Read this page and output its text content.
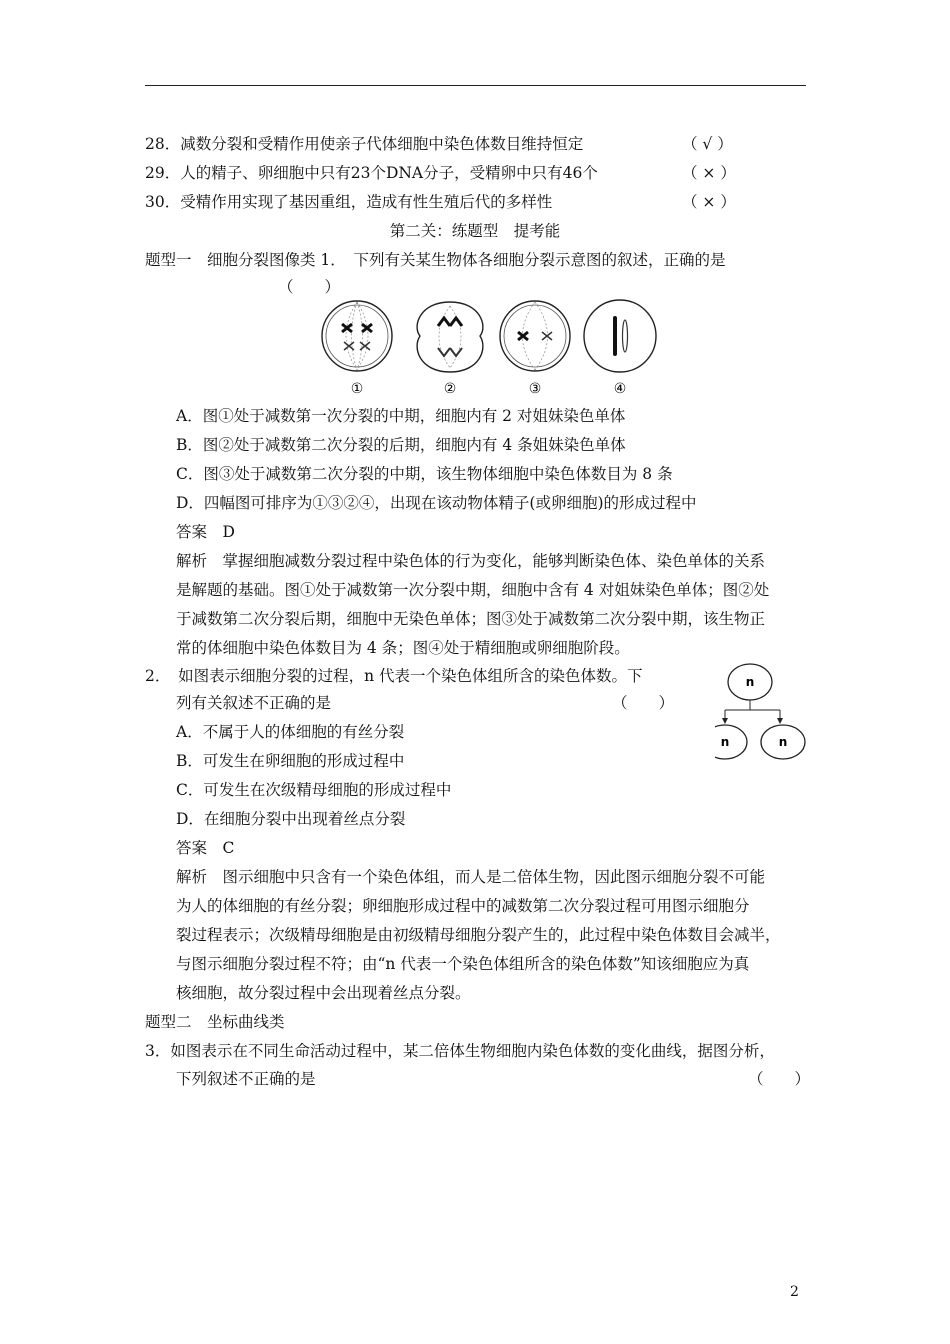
28．减数分裂和受精作用使亲子代体细胞中染色体数目维持恒定	（ √ ）
29．人的精子、卵细胞中只有23个DNA分子，受精卵中只有46个	（ × ）
30．受精作用实现了基因重组，造成有性生殖后代的多样性	（ × ）
第二关：练题型　提考能
题型一　细胞分裂图像类 1．　下列有关某生物体各细胞分裂示意图的叙述，正确的是
（　　）
①	②	③	④
A．图①处于减数第一次分裂的中期，细胞内有 2 对姐妹染色单体
B．图②处于减数第二次分裂的后期，细胞内有 4 条姐妹染色单体
C．图③处于减数第二次分裂的中期，该生物体细胞中染色体数目为 8 条
D．四幅图可排序为①③②④，出现在该动物体精子(或卵细胞)的形成过程中
答案　D
解析　掌握细胞减数分裂过程中染色体的行为变化，能够判断染色体、染色单体的关系
是解题的基础。图①处于减数第一次分裂中期，细胞中含有 4 对姐妹染色单体；图②处
于减数第二次分裂后期，细胞中无染色单体；图③处于减数第二次分裂中期，该生物正
常的体细胞中染色体数目为 4 条；图④处于精细胞或卵细胞阶段。
2．　如图表示细胞分裂的过程，n 代表一个染色体组所含的染色体数。下
列有关叙述不正确的是	（　　）
n
n	n
A．不属于人的体细胞的有丝分裂
B．可发生在卵细胞的形成过程中
C．可发生在次级精母细胞的形成过程中
D．在细胞分裂中出现着丝点分裂
答案　C
解析　图示细胞中只含有一个染色体组，而人是二倍体生物，因此图示细胞分裂不可能
为人的体细胞的有丝分裂；卵细胞形成过程中的减数第二次分裂过程可用图示细胞分
裂过程表示；次级精母细胞是由初级精母细胞分裂产生的，此过程中染色体数目会减半，
与图示细胞分裂过程不符；由“n 代表一个染色体组所含的染色体数”知该细胞应为真
核细胞，故分裂过程中会出现着丝点分裂。
题型二　坐标曲线类
3．如图表示在不同生命活动过程中，某二倍体生物细胞内染色体数的变化曲线，据图分析，
下列叙述不正确的是	（　　）
2
